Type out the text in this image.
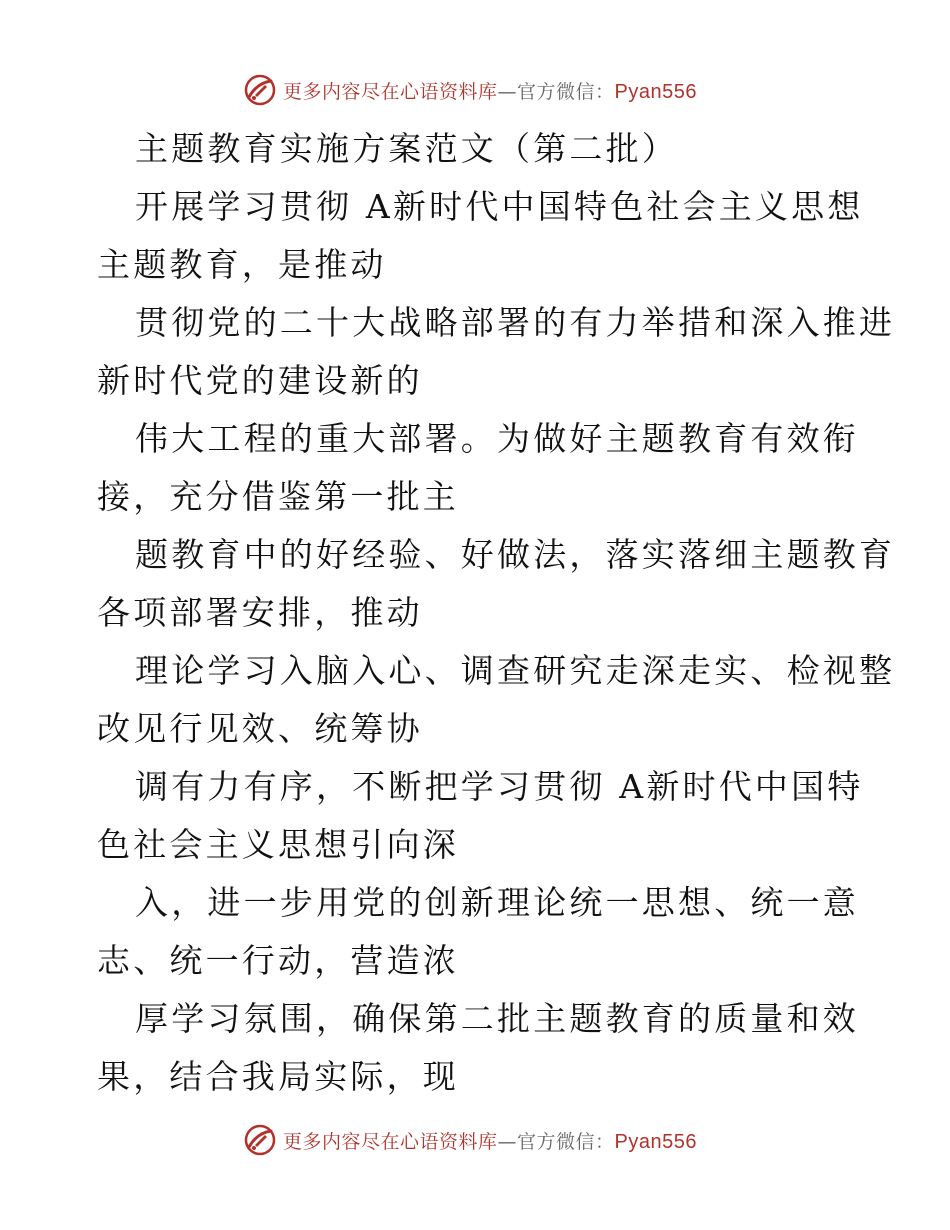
更多内容尽在心语资料库—官方微信：Pyan556
主题教育实施方案范文（第二批）
开展学习贯彻 A新时代中国特色社会主义思想
主题教育，是推动
贯彻党的二十大战略部署的有力举措和深入推进
新时代党的建设新的
伟大工程的重大部署。为做好主题教育有效衔
接，充分借鉴第一批主
题教育中的好经验、好做法，落实落细主题教育
各项部署安排，推动
理论学习入脑入心、调查研究走深走实、检视整
改见行见效、统筹协
调有力有序，不断把学习贯彻 A新时代中国特
色社会主义思想引向深
入，进一步用党的创新理论统一思想、统一意
志、统一行动，营造浓
厚学习氛围，确保第二批主题教育的质量和效
果，结合我局实际，现
更多内容尽在心语资料库—官方微信：Pyan556
